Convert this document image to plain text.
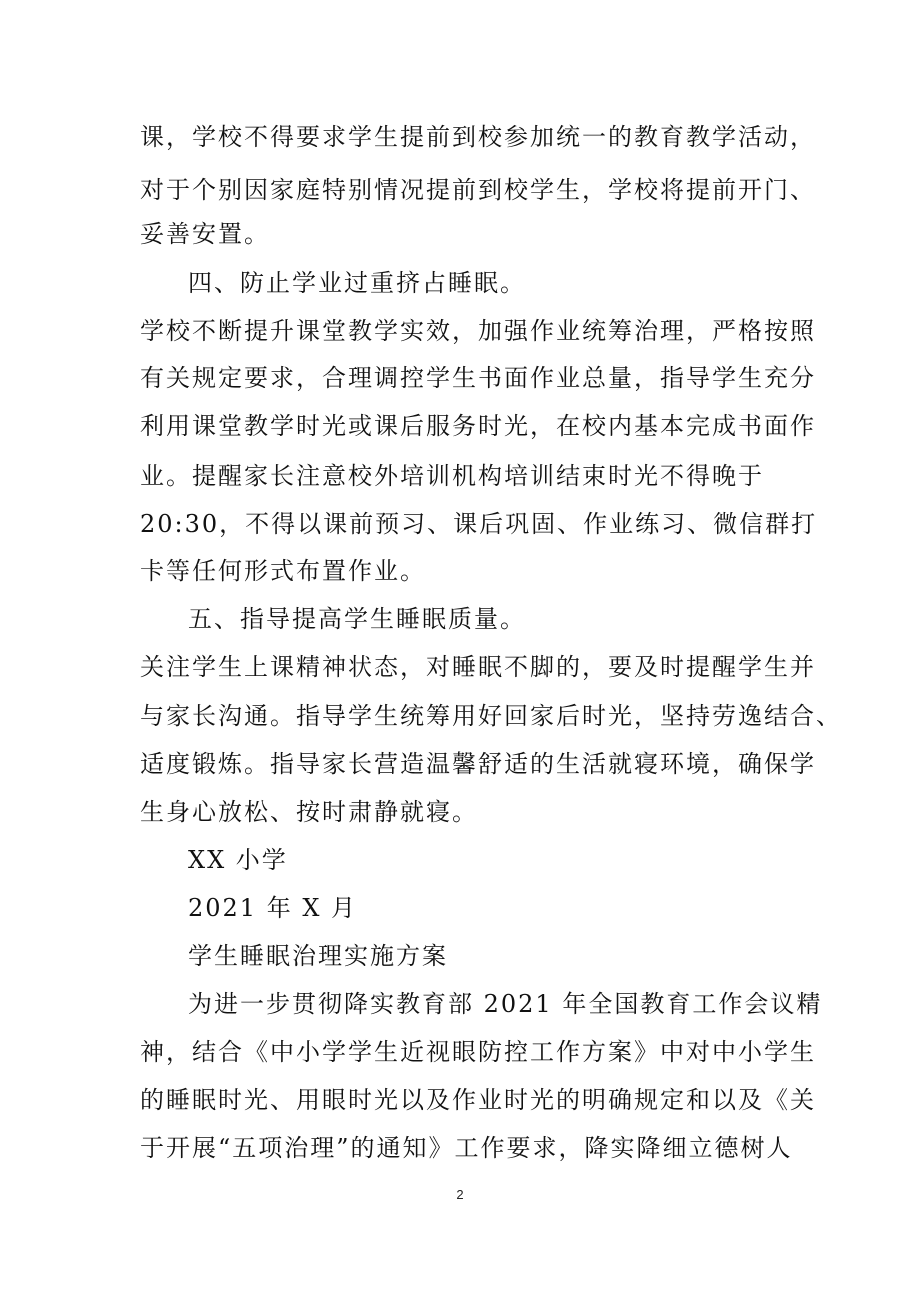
课，学校不得要求学生提前到校参加统一的教育教学活动，
对于个别因家庭特别情况提前到校学生，学校将提前开门、
妥善安置。
四、防止学业过重挤占睡眠。
学校不断提升课堂教学实效，加强作业统筹治理，严格按照
有关规定要求，合理调控学生书面作业总量，指导学生充分
利用课堂教学时光或课后服务时光，在校内基本完成书面作
业。提醒家长注意校外培训机构培训结束时光不得晚于
20:30，不得以课前预习、课后巩固、作业练习、微信群打
卡等任何形式布置作业。
五、指导提高学生睡眠质量。
关注学生上课精神状态，对睡眠不脚的，要及时提醒学生并
与家长沟通。指导学生统筹用好回家后时光，坚持劳逸结合、
适度锻炼。指导家长营造温馨舒适的生活就寝环境，确保学
生身心放松、按时肃静就寝。
XX 小学
2021 年 X 月
学生睡眠治理实施方案
为进一步贯彻降实教育部 2021 年全国教育工作会议精
神，结合《中小学学生近视眼防控工作方案》中对中小学生
的睡眠时光、用眼时光以及作业时光的明确规定和以及《关
于开展“五项治理”的通知》工作要求，降实降细立德树人
2
